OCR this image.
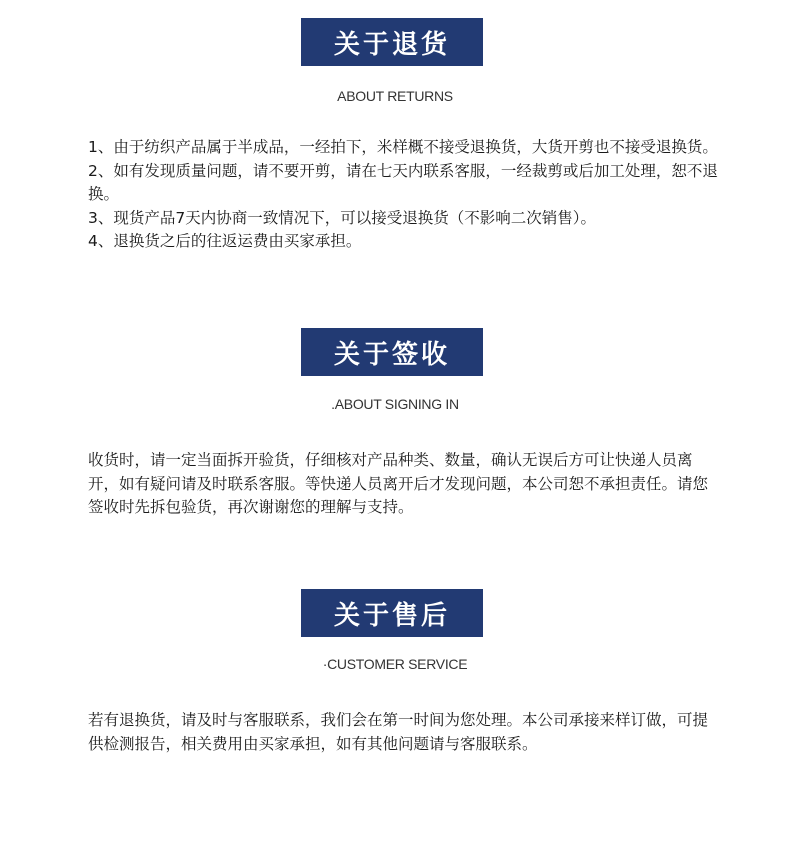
关于退货
ABOUT RETURNS

1、由于纺织产品属于半成品，一经拍下，米样概不接受退换货，大货开剪也不接受退换货。

2、如有发现质量问题，请不要开剪，请在七天内联系客服，一经裁剪或后加工处理，恕不退换。

3、现货产品7天内协商一致情况下，可以接受退换货（不影响二次销售）。

4、退换货之后的往返运费由买家承担。

关于签收
.ABOUT SIGNING IN
收货时，请一定当面拆开验货，仔细核对产品种类、数量，确认无误后方可让快递人员离开，如有疑问请及时联系客服。等快递人员离开后才发现问题，本公司恕不承担责任。请您签收时先拆包验货，再次谢谢您的理解与支持。
关于售后
·CUSTOMER SERVICE
若有退换货，请及时与客服联系，我们会在第一时间为您处理。本公司承接来样订做，可提供检测报告，相关费用由买家承担，如有其他问题请与客服联系。
